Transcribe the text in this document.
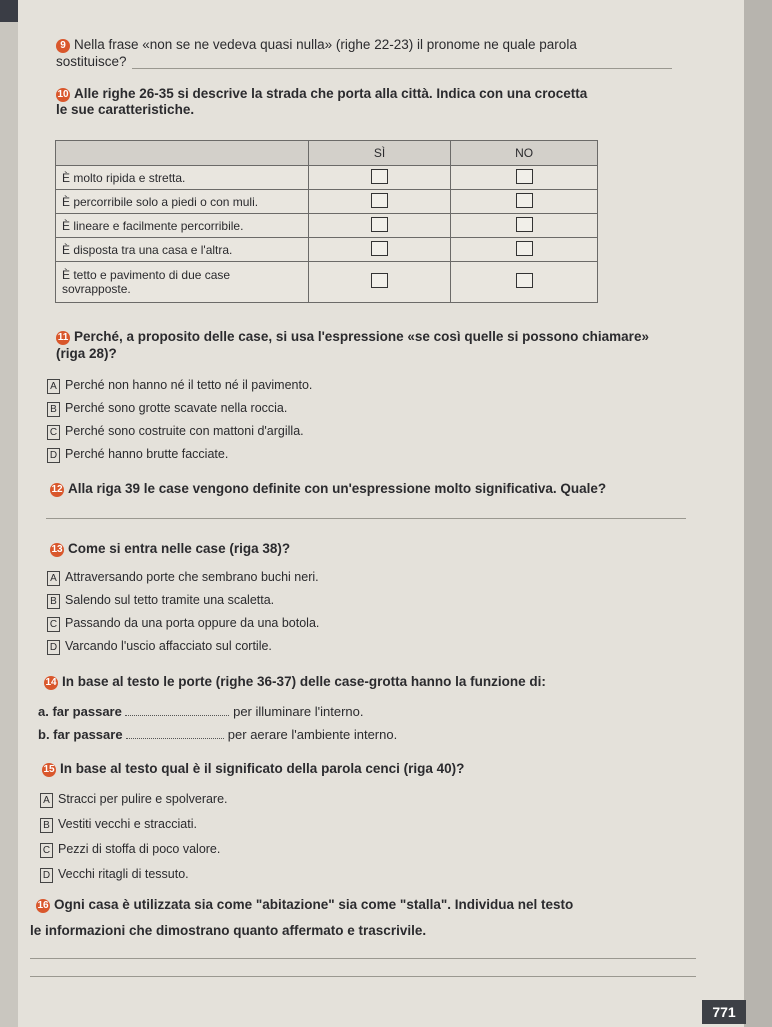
9 Nella frase «non se ne vedeva quasi nulla» (righe 22-23) il pronome ne quale parola
sostituisce?
10 Alle righe 26-35 si descrive la strada che porta alla città. Indica con una crocetta
le sue caratteristiche.
	SÌ	NO
È molto ripida e stretta.		
È percorribile solo a piedi o con muli.		
È lineare e facilmente percorribile.		
È disposta tra una casa e l'altra.		
È tetto e pavimento di due case sovrapposte.		
11 Perché, a proposito delle case, si usa l'espressione «se così quelle si possono chiamare»
(riga 28)?
A Perché non hanno né il tetto né il pavimento.
B Perché sono grotte scavate nella roccia.
C Perché sono costruite con mattoni d'argilla.
D Perché hanno brutte facciate.
12 Alla riga 39 le case vengono definite con un'espressione molto significativa. Quale?
13 Come si entra nelle case (riga 38)?
A Attraversando porte che sembrano buchi neri.
B Salendo sul tetto tramite una scaletta.
C Passando da una porta oppure da una botola.
D Varcando l'uscio affacciato sul cortile.
14 In base al testo le porte (righe 36-37) delle case-grotta hanno la funzione di:
a. far passare	per illuminare l'interno.
b. far passare	per aerare l'ambiente interno.
15 In base al testo qual è il significato della parola cenci (riga 40)?
A Stracci per pulire e spolverare.
B Vestiti vecchi e stracciati.
C Pezzi di stoffa di poco valore.
D Vecchi ritagli di tessuto.
16 Ogni casa è utilizzata sia come "abitazione" sia come "stalla". Individua nel testo
le informazioni che dimostrano quanto affermato e trascrivile.
771
